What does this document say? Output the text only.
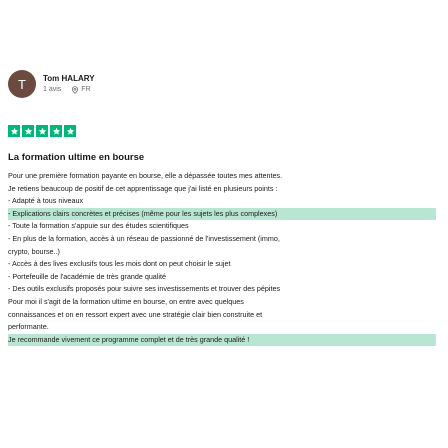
T	Tom HALARY
1 avis	FR
La formation ultime en bourse
Pour une première formation payante en bourse, elle a dépassée toutes mes attentes.
Je retiens beaucoup de positif de cet apprentissage que j'ai listé en plusieurs points :
- Adapté à tous niveaux
- Explications clairs concrètes et précises (même pour les sujets les plus complexes)
- Toute la formation s'appuie sur des études scientifiques
- En plus de la formation, accès à un réseau de passionné de l'investissement (immo,
crypto, bourse..)
- Accès à des lives exclusifs tous les mois dont on peut choisir le sujet
- Portefeuille de l'académie de très grande qualité
- Des outils exclusifs proposés pour suivre ses investissements et trouver des pépites
Pour moi il s'agit de la formation ultime en bourse, on entre avec quelques
connaissances et on en ressort expert avec une stratégie clair bien construite et
performante.
Je recommande vivement ce programme complet et de très grande qualité !
